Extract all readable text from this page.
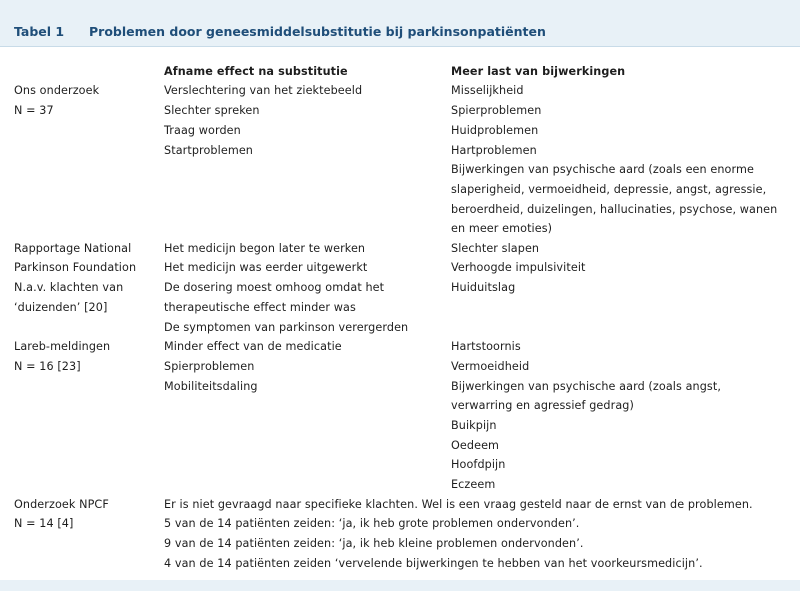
Tabel 1 Problemen door geneesmiddelsubstitutie bij parkinsonpatiënten
Afname effect na substitutie	Meer last van bijwerkingen
Ons onderzoek
N = 37
Verslechtering van het ziektebeeld
Slechter spreken
Traag worden
Startproblemen
Misselijkheid
Spierproblemen
Huidproblemen
Hartproblemen
Bijwerkingen van psychische aard (zoals een enorme
slaperigheid, vermoeidheid, depressie, angst, agressie,
beroerdheid, duizelingen, hallucinaties, psychose, wanen
en meer emoties)
Rapportage National
Parkinson Foundation
N.a.v. klachten van
‘duizenden’ [20]
Het medicijn begon later te werken
Het medicijn was eerder uitgewerkt
De dosering moest omhoog omdat het
therapeutische effect minder was
De symptomen van parkinson verergerden
Slechter slapen
Verhoogde impulsiviteit
Huiduitslag
Lareb-meldingen
N = 16 [23]
Minder effect van de medicatie
Spierproblemen
Mobiliteitsdaling
Hartstoornis
Vermoeidheid
Bijwerkingen van psychische aard (zoals angst,
verwarring en agressief gedrag)
Buikpijn
Oedeem
Hoofdpijn
Eczeem
Onderzoek NPCF
N = 14 [4]
Er is niet gevraagd naar specifieke klachten. Wel is een vraag gesteld naar de ernst van de problemen.
5 van de 14 patiënten zeiden: ‘ja, ik heb grote problemen ondervonden’.
9 van de 14 patiënten zeiden: ‘ja, ik heb kleine problemen ondervonden’.
4 van de 14 patiënten zeiden ‘vervelende bijwerkingen te hebben van het voorkeursmedicijn’.
